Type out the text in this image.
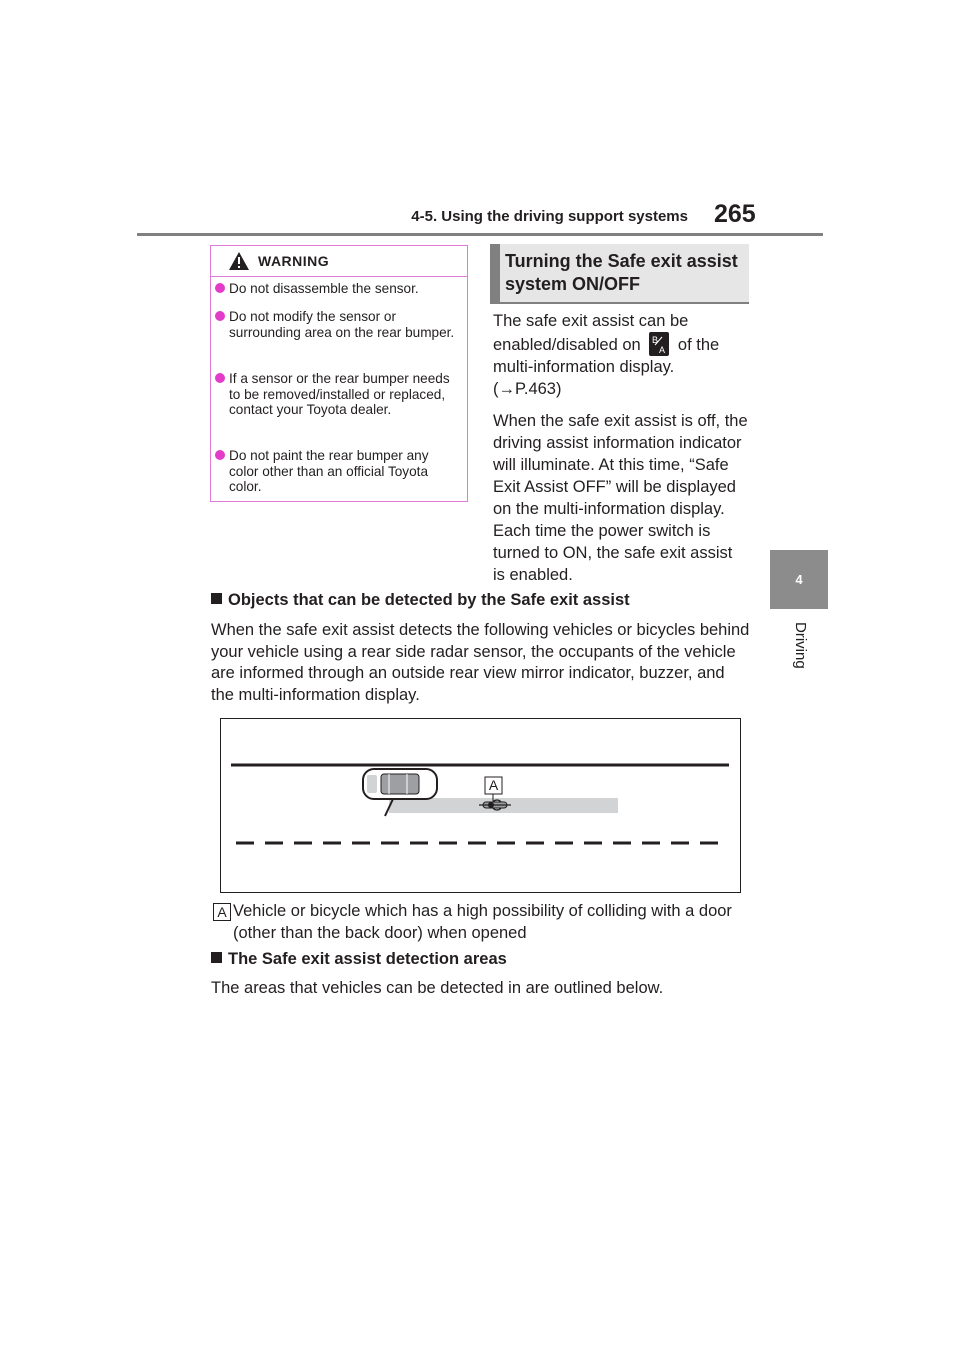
4-5. Using the driving support systems 265
4
Driving
WARNING
Do not disassemble the sensor.
Do not modify the sensor or surrounding area on the rear bumper.
If a sensor or the rear bumper needs to be removed/installed or replaced, contact your Toyota dealer.
Do not paint the rear bumper any color other than an official Toyota color.
Turning the Safe exit assist system ON/OFF
The safe exit assist can be enabled/disabled on B
A of the multi-information display.
(→P.463)
When the safe exit assist is off, the driving assist information indicator will illuminate. At this time, “Safe Exit Assist OFF” will be displayed on the multi-information display. Each time the power switch is turned to ON, the safe exit assist is enabled.
Objects that can be detected by the Safe exit assist
When the safe exit assist detects the following vehicles or bicycles behind your vehicle using a rear side radar sensor, the occupants of the vehicle are informed through an outside rear view mirror indicator, buzzer, and the multi-information display.
A
A Vehicle or bicycle which has a high possibility of colliding with a door (other than the back door) when opened
The Safe exit assist detection areas
The areas that vehicles can be detected in are outlined below.
